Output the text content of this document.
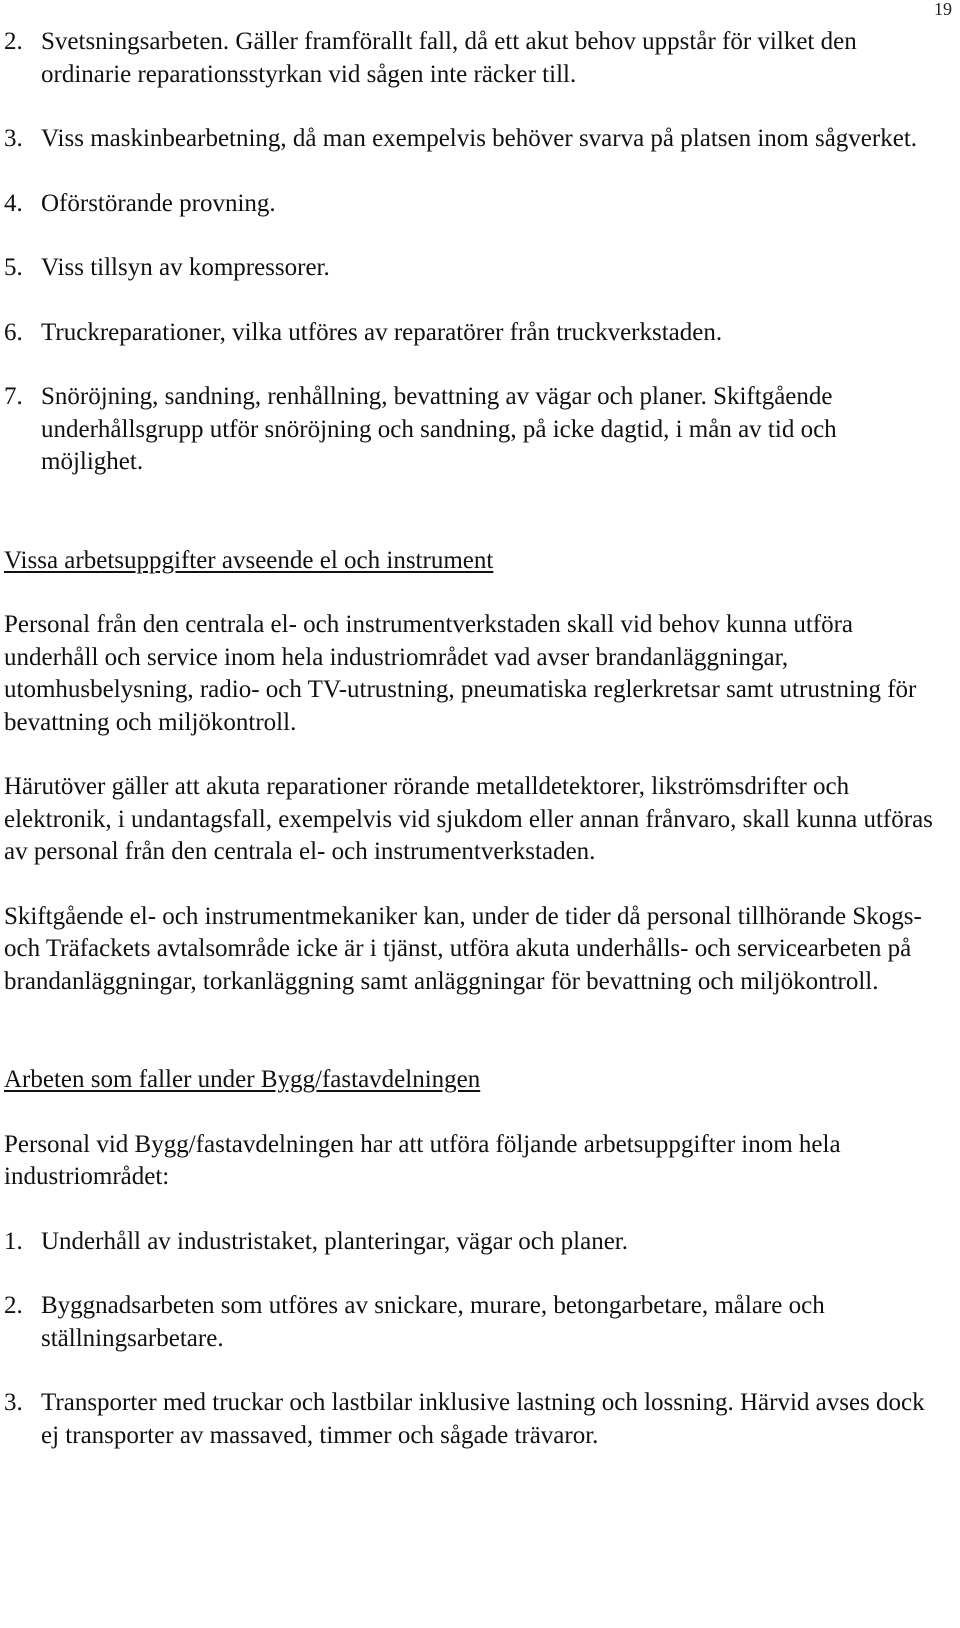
19
2. Svetsningsarbeten. Gäller framförallt fall, då ett akut behov uppstår för vilket den ordinarie reparationsstyrkan vid sågen inte räcker till.
3. Viss maskinbearbetning, då man exempelvis behöver svarva på platsen inom sågverket.
4. Oförstörande provning.
5. Viss tillsyn av kompressorer.
6. Truckreparationer, vilka utföres av reparatörer från truckverkstaden.
7. Snöröjning, sandning, renhållning, bevattning av vägar och planer. Skiftgående underhållsgrupp utför snöröjning och sandning, på icke dagtid, i mån av tid och möjlighet.

Vissa arbetsuppgifter avseende el och instrument

Personal från den centrala el- och instrumentverkstaden skall vid behov kunna utföra underhåll och service inom hela industriområdet vad avser brandanläggningar, utomhusbelysning, radio- och TV-utrustning, pneumatiska reglerkretsar samt utrustning för bevattning och miljökontroll.

Härutöver gäller att akuta reparationer rörande metalldetektorer, likströmsdrifter och elektronik, i undantagsfall, exempelvis vid sjukdom eller annan frånvaro, skall kunna utföras av personal från den centrala el- och instrumentverkstaden.

Skiftgående el- och instrumentmekaniker kan, under de tider då personal tillhörande Skogs- och Träfackets avtalsområde icke är i tjänst, utföra akuta underhålls- och servicearbeten på brandanläggningar, torkanläggning samt anläggningar för bevattning och miljökontroll.

Arbeten som faller under Bygg/fastavdelningen

Personal vid Bygg/fastavdelningen har att utföra följande arbetsuppgifter inom hela industriområdet:

1. Underhåll av industristaket, planteringar, vägar och planer.
2. Byggnadsarbeten som utföres av snickare, murare, betongarbetare, målare och ställningsarbetare.
3. Transporter med truckar och lastbilar inklusive lastning och lossning. Härvid avses dock ej transporter av massaved, timmer och sågade trävaror.
